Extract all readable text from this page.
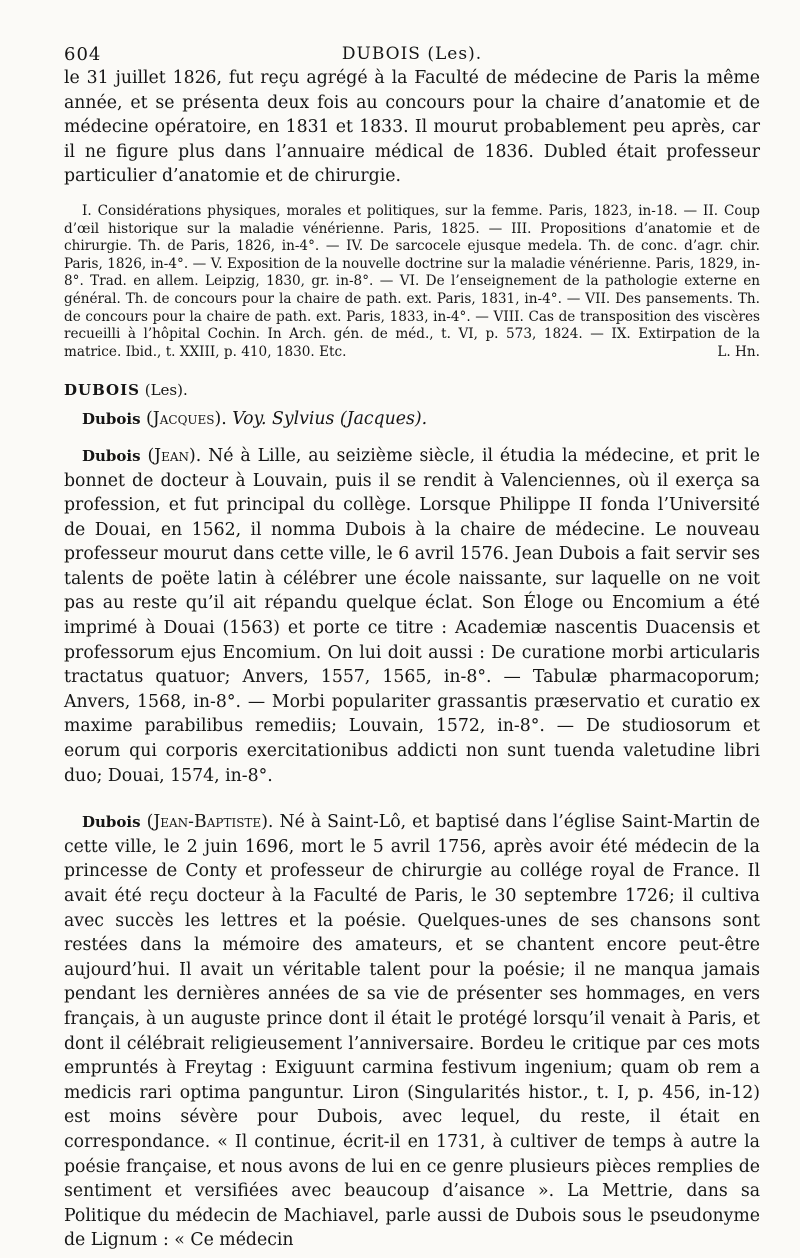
604	DUBOIS (Les).

le 31 juillet 1826, fut reçu agrégé à la Faculté de médecine de Paris la même année, et se présenta deux fois au concours pour la chaire d’anatomie et de médecine opératoire, en 1831 et 1833. Il mourut probablement peu après, car il ne figure plus dans l’annuaire médical de 1836. Dubled était professeur particulier d’anatomie et de chirurgie.

I. Considérations physiques, morales et politiques, sur la femme. Paris, 1823, in-18. — II. Coup d’œil historique sur la maladie vénérienne. Paris, 1825. — III. Propositions d’anatomie et de chirurgie. Th. de Paris, 1826, in-4°. — IV. De sarcocele ejusque medela. Th. de conc. d’agr. chir. Paris, 1826, in-4°. — V. Exposition de la nouvelle doctrine sur la maladie vénérienne. Paris, 1829, in-8°. Trad. en allem. Leipzig, 1830, gr. in-8°. — VI. De l’enseignement de la pathologie externe en général. Th. de concours pour la chaire de path. ext. Paris, 1831, in-4°. — VII. Des pansements. Th. de concours pour la chaire de path. ext. Paris, 1833, in-4°. — VIII. Cas de transposition des viscères recueilli à l’hôpital Cochin. In Arch. gén. de méd., t. VI, p. 573, 1824. — IX. Extirpation de la matrice. Ibid., t. XXIII, p. 410, 1830. Etc.	L. Hn.

DUBOIS (Les).

Dubois (Jacques). Voy. Sylvius (Jacques).

Dubois (Jean). Né à Lille, au seizième siècle, il étudia la médecine, et prit le bonnet de docteur à Louvain, puis il se rendit à Valenciennes, où il exerça sa profession, et fut principal du collège. Lorsque Philippe II fonda l’Université de Douai, en 1562, il nomma Dubois à la chaire de médecine. Le nouveau professeur mourut dans cette ville, le 6 avril 1576. Jean Dubois a fait servir ses talents de poëte latin à célébrer une école naissante, sur laquelle on ne voit pas au reste qu’il ait répandu quelque éclat. Son Éloge ou Encomium a été imprimé à Douai (1563) et porte ce titre : Academiæ nascentis Duacensis et professorum ejus Encomium. On lui doit aussi : De curatione morbi articularis tractatus quatuor; Anvers, 1557, 1565, in-8°. — Tabulæ pharmacoporum; Anvers, 1568, in-8°. — Morbi populariter grassantis præservatio et curatio ex maxime parabilibus remediis; Louvain, 1572, in-8°. — De studiosorum et eorum qui corporis exercitationibus addicti non sunt tuenda valetudine libri duo; Douai, 1574, in-8°.

Dubois (Jean-Baptiste). Né à Saint-Lô, et baptisé dans l’église Saint-Martin de cette ville, le 2 juin 1696, mort le 5 avril 1756, après avoir été médecin de la princesse de Conty et professeur de chirurgie au collége royal de France. Il avait été reçu docteur à la Faculté de Paris, le 30 septembre 1726; il cultiva avec succès les lettres et la poésie. Quelques-unes de ses chansons sont restées dans la mémoire des amateurs, et se chantent encore peut-être aujourd’hui. Il avait un véritable talent pour la poésie; il ne manqua jamais pendant les dernières années de sa vie de présenter ses hommages, en vers français, à un auguste prince dont il était le protégé lorsqu’il venait à Paris, et dont il célébrait religieusement l’anniversaire. Bordeu le critique par ces mots empruntés à Freytag : Exiguunt carmina festivum ingenium; quam ob rem a medicis rari optima panguntur. Liron (Singularités histor., t. I, p. 456, in-12) est moins sévère pour Dubois, avec lequel, du reste, il était en correspondance. « Il continue, écrit-il en 1731, à cultiver de temps à autre la poésie française, et nous avons de lui en ce genre plusieurs pièces remplies de sentiment et versifiées avec beaucoup d’aisance ». La Mettrie, dans sa Politique du médecin de Machiavel, parle aussi de Dubois sous le pseudonyme de Lignum : « Ce médecin
